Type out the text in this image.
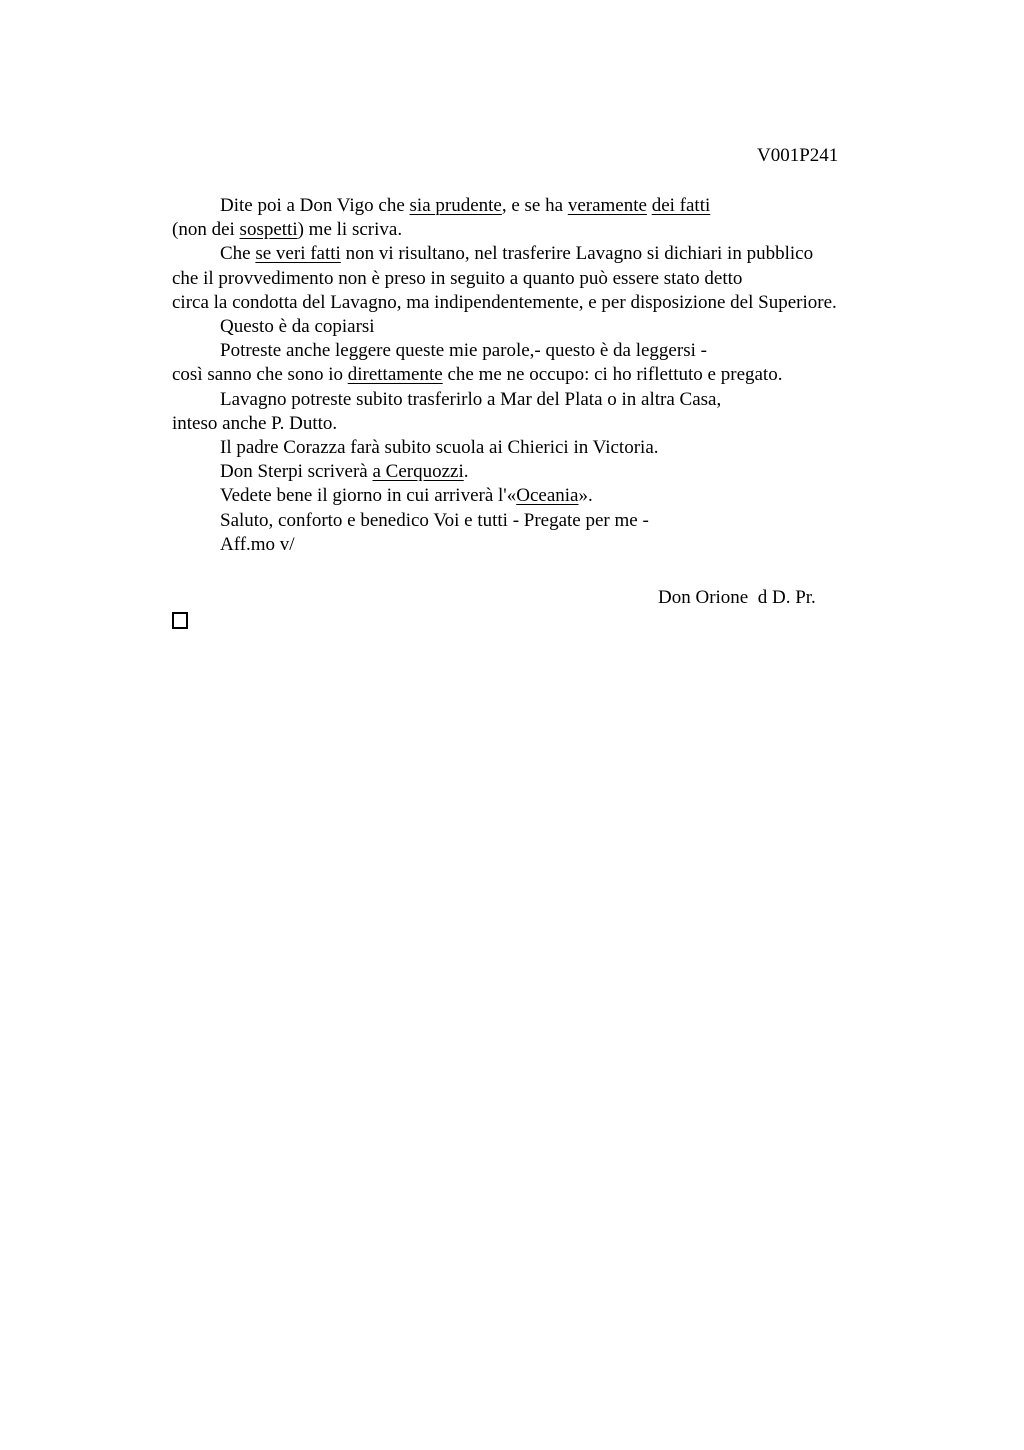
V001P241
Dite poi a Don Vigo che sia prudente, e se ha veramente dei fatti
(non dei sospetti) me li scriva.
Che se veri fatti non vi risultano, nel trasferire Lavagno si dichiari in pubblico
che il provvedimento non è preso in seguito a quanto può essere stato detto
circa la condotta del Lavagno, ma indipendentemente, e per disposizione del Superiore.
Questo è da copiarsi
Potreste anche leggere queste mie parole,- questo è da leggersi -
così sanno che sono io direttamente che me ne occupo: ci ho riflettuto e pregato.
Lavagno potreste subito trasferirlo a Mar del Plata o in altra Casa,
inteso anche P. Dutto.
Il padre Corazza farà subito scuola ai Chierici in Victoria.
Don Sterpi scriverà a Cerquozzi.
Vedete bene il giorno in cui arriverà l'«Oceania».
Saluto, conforto e benedico Voi e tutti - Pregate per me -
Aff.mo v/
Don Orione  d D. Pr.
